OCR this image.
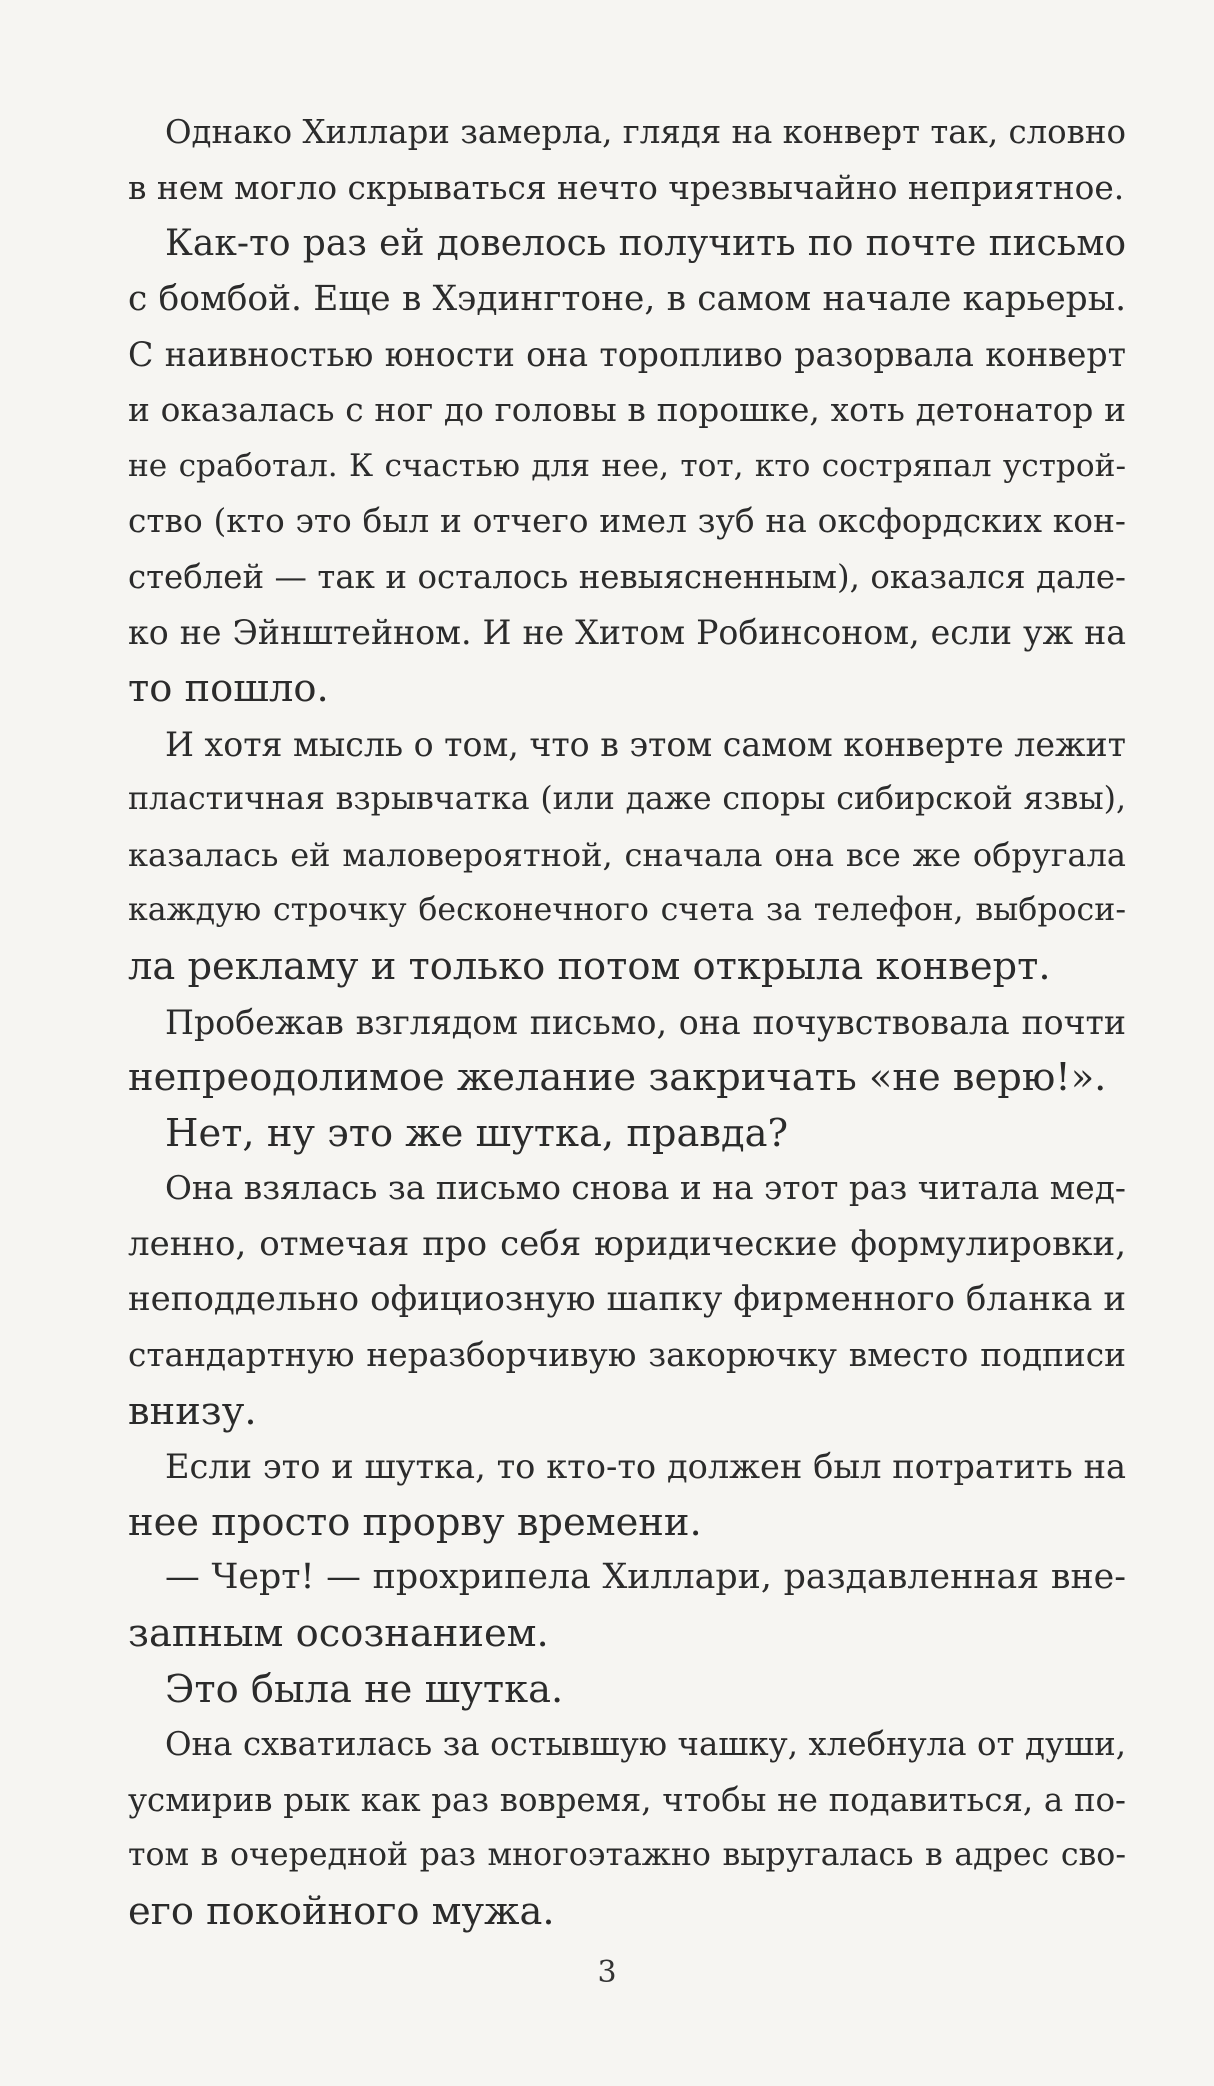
Однако Хиллари замерла, глядя на конверт так, словно
в нем могло скрываться нечто чрезвычайно неприятное.
Как-то раз ей довелось получить по почте письмо
с бомбой. Еще в Хэдингтоне, в самом начале карьеры.
С наивностью юности она торопливо разорвала конверт
и оказалась с ног до головы в порошке, хоть детонатор и
не сработал. К счастью для нее, тот, кто состряпал устрой-
ство (кто это был и отчего имел зуб на оксфордских кон-
стеблей — так и осталось невыясненным), оказался дале-
ко не Эйнштейном. И не Хитом Робинсоном, если уж на
то пошло.
И хотя мысль о том, что в этом самом конверте лежит
пластичная взрывчатка (или даже споры сибирской язвы),
казалась ей маловероятной, сначала она все же обругала
каждую строчку бесконечного счета за телефон, выброси-
ла рекламу и только потом открыла конверт.
Пробежав взглядом письмо, она почувствовала почти
непреодолимое желание закричать «не верю!».
Нет, ну это же шутка, правда?
Она взялась за письмо снова и на этот раз читала мед-
ленно, отмечая про себя юридические формулировки,
неподдельно официозную шапку фирменного бланка и
стандартную неразборчивую закорючку вместо подписи
внизу.
Если это и шутка, то кто-то должен был потратить на
нее просто прорву времени.
— Черт! — прохрипела Хиллари, раздавленная вне-
запным осознанием.
Это была не шутка.
Она схватилась за остывшую чашку, хлебнула от души,
усмирив рык как раз вовремя, чтобы не подавиться, а по-
том в очередной раз многоэтажно выругалась в адрес сво-
его покойного мужа.
3
